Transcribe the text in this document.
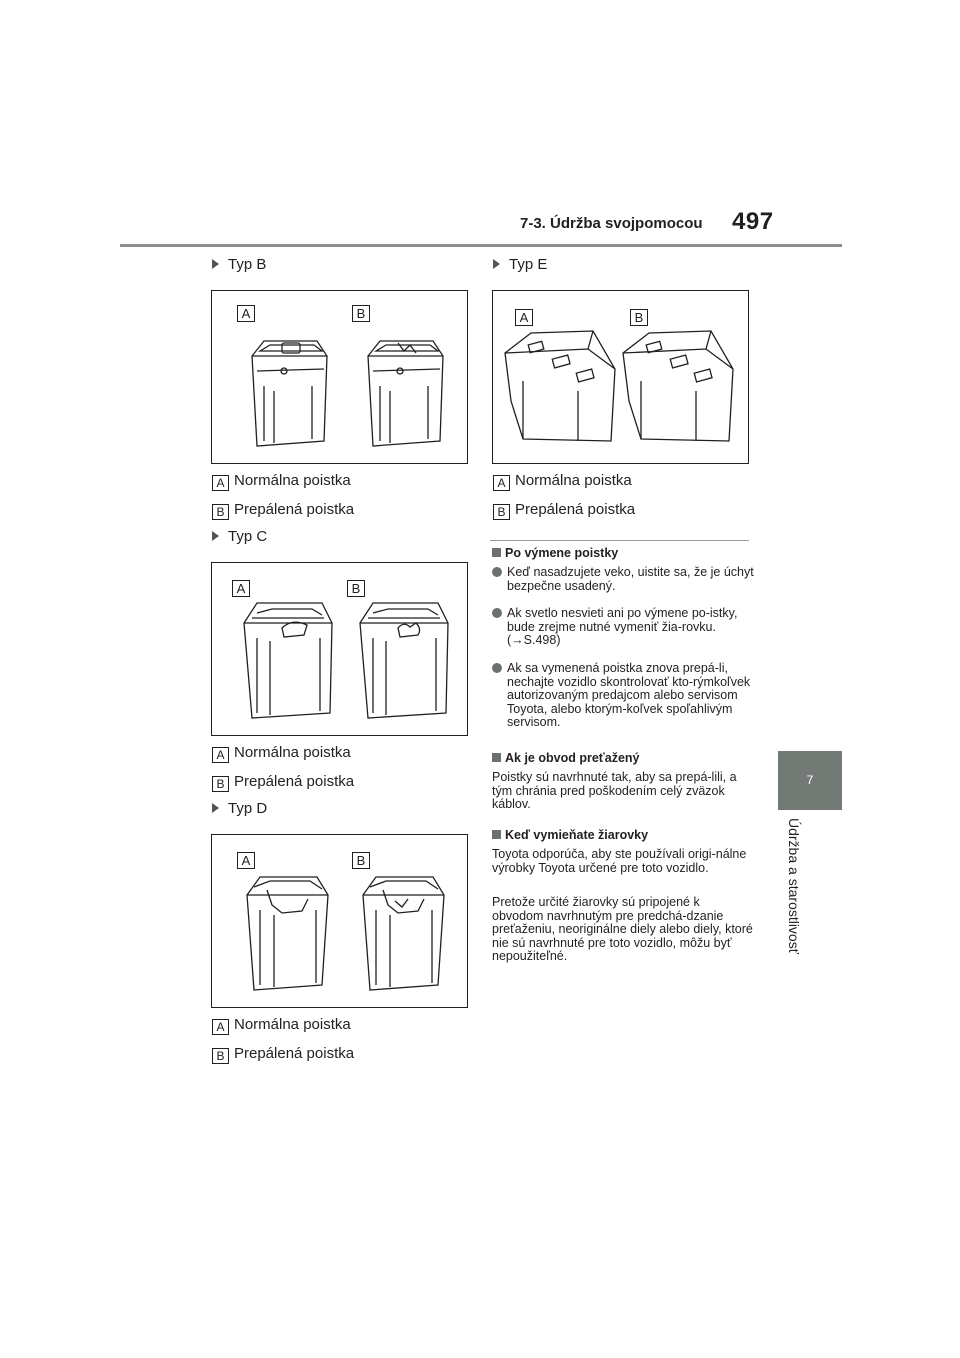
7-3. Údržba svojpomocou 497
7
Údržba a starostlivosť
Typ B
A	B
A Normálna poistka
B Prepálená poistka
Typ C
A	B
A Normálna poistka
B Prepálená poistka
Typ D
A	B
A Normálna poistka
B Prepálená poistka
Typ E
A	B
A Normálna poistka
B Prepálená poistka
Po výmene poistky
Keď nasadzujete veko, uistite sa, že je úchyt bezpečne usadený.
Ak svetlo nesvieti ani po výmene po-istky, bude zrejme nutné vymeniť žia-rovku. (→S.498)
Ak sa vymenená poistka znova prepá-li, nechajte vozidlo skontrolovať kto-rýmkoľvek autorizovaným predajcom alebo servisom Toyota, alebo ktorým-koľvek spoľahlivým servisom.
Ak je obvod preťažený
Poistky sú navrhnuté tak, aby sa prepá-lili, a tým chránia pred poškodením celý zväzok káblov.
Keď vymieňate žiarovky
Toyota odporúča, aby ste používali origi-nálne výrobky Toyota určené pre toto vozidlo.
Pretože určité žiarovky sú pripojené k obvodom navrhnutým pre predchá-dzanie preťaženiu, neoriginálne diely alebo diely, ktoré nie sú navrhnuté pre toto vozidlo, môžu byť nepoužiteľné.
